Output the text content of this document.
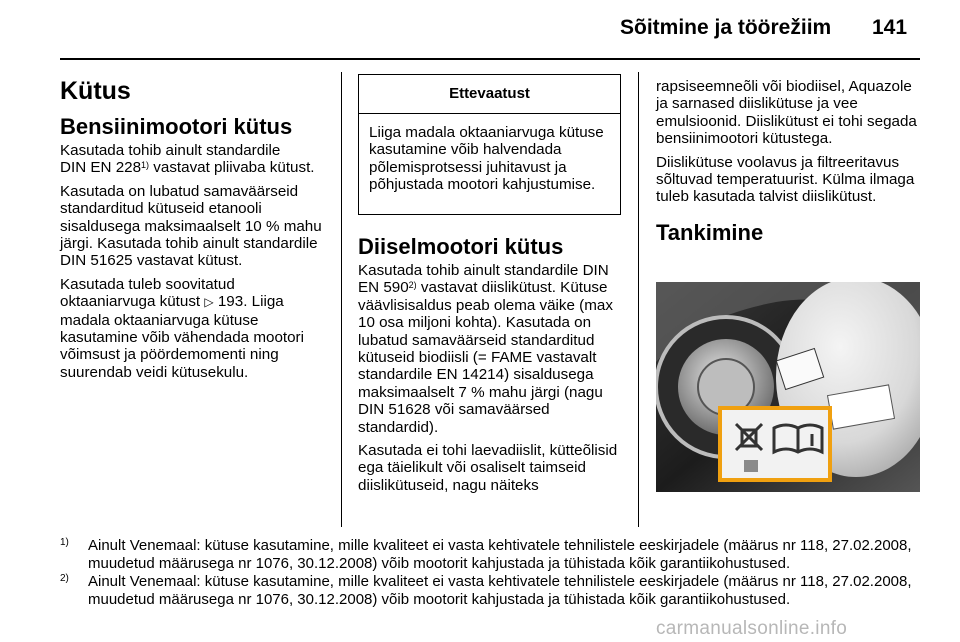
Sõitmine ja töörežiim 141
Kütus
Bensiinimootori kütus

Kasutada tohib ainult standardile
DIN EN 228$^{1)}$ vastavat pliivaba kütust.

Kasutada on lubatud samaväärseid standarditud kütuseid etanooli sisaldusega maksimaalselt 10 % mahu järgi. Kasutada tohib ainult standardile DIN 51625 vastavat kütust.

Kasutada tuleb soovitatud oktaaniarvuga kütust ▷ 193. Liiga madala oktaaniarvuga kütuse kasutamine võib vähendada mootori võimsust ja pöördemomenti ning suurendab veidi kütusekulu.

Ettevaatust
Liiga madala oktaaniarvuga kütuse kasutamine võib halvendada põlemisprotsessi juhitavust ja põhjustada mootori kahjustumise.
Diiselmootori kütus

Kasutada tohib ainult standardile DIN EN 590$^{2)}$ vastavat diislikütust. Kütuse väävlisisaldus peab olema väike (max 10 osa miljoni kohta). Kasutada on lubatud samaväärseid standarditud kütuseid biodiisli (= FAME vastavalt standardile EN 14214) sisaldusega maksimaalselt 7 % mahu järgi (nagu DIN 51628 või samaväärsed standardid).

Kasutada ei tohi laevadiislit, kütteõlisid ega täielikult või osaliselt taimseid diislikütuseid, nagu näiteks

rapsiseemneõli või biodiisel, Aquazole ja sarnased diislikütuse ja vee emulsioonid. Diislikütust ei tohi segada bensiinimootori kütustega.

Diislikütuse voolavus ja filtreeritavus sõltuvad temperatuurist. Külma ilmaga tuleb kasutada talvist diislikütust.

Tankimine
1) Ainult Venemaal: kütuse kasutamine, mille kvaliteet ei vasta kehtivatele tehnilistele eeskirjadele (määrus nr 118, 27.02.2008, muudetud määrusega nr 1076, 30.12.2008) võib mootorit kahjustada ja tühistada kõik garantiikohustused.
2) Ainult Venemaal: kütuse kasutamine, mille kvaliteet ei vasta kehtivatele tehnilistele eeskirjadele (määrus nr 118, 27.02.2008, muudetud määrusega nr 1076, 30.12.2008) võib mootorit kahjustada ja tühistada kõik garantiikohustused.
carmanualsonline.info
